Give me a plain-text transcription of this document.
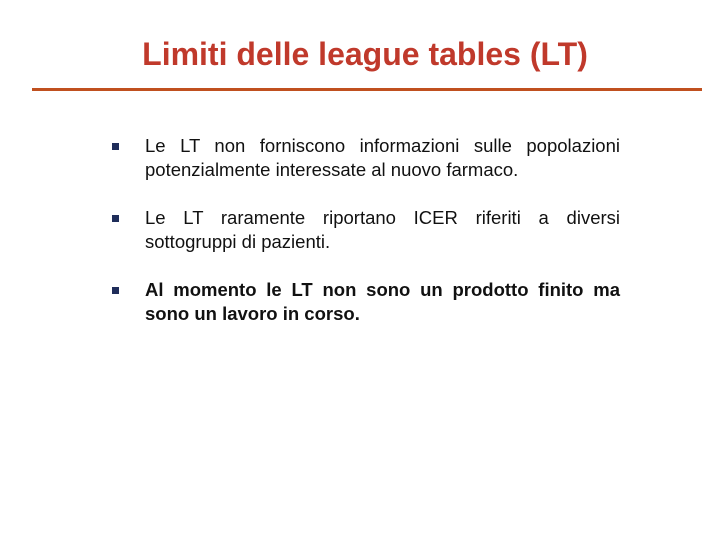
Limiti delle league tables (LT)
Le LT non forniscono informazioni sulle popolazioni potenzialmente interessate al nuovo farmaco.
Le LT raramente riportano ICER riferiti a diversi sottogruppi di pazienti.
Al momento le LT non sono un prodotto finito ma sono un lavoro in corso.
